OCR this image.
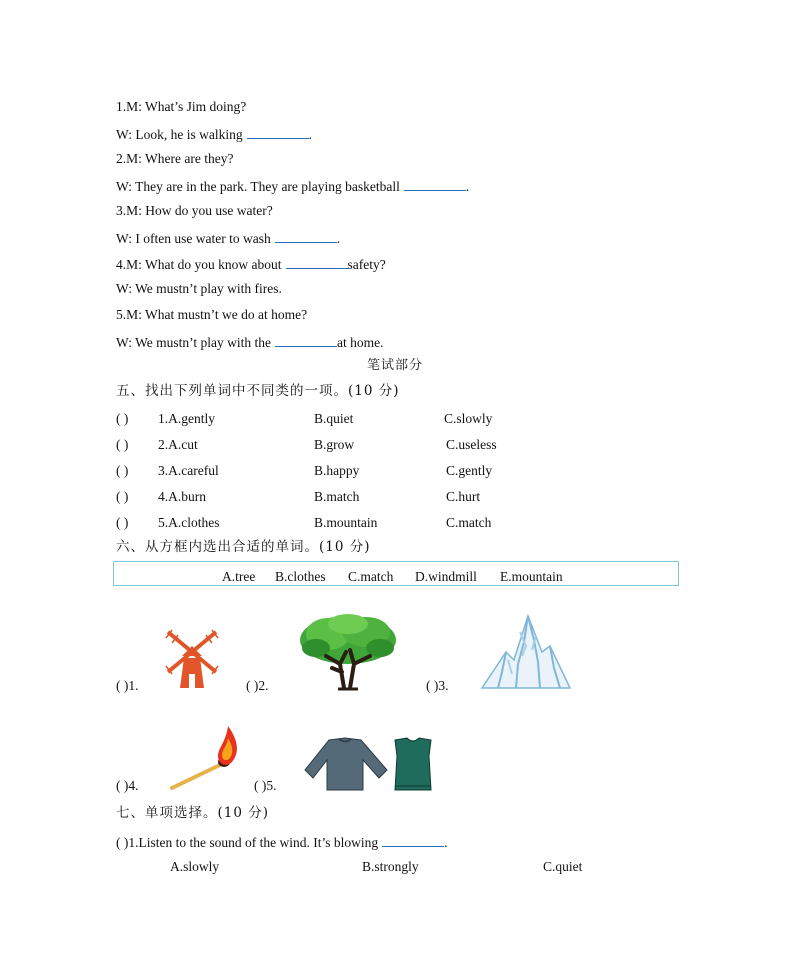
1.M: What’s Jim doing?
W: Look, he is walking	.
2.M: Where are they?
W: They are in the park. They are playing basketball	.
3.M: How do you use water?
W: I often use water to wash	.
4.M: What do you know about	safety?
W: We mustn’t play with fires.
5.M: What mustn’t we do at home?
W: We mustn’t play with the	at home.
笔试部分
五、找出下列单词中不同类的一项。(10 分)
( ) 1.A.gently	B.quiet	C.slowly
( ) 2.A.cut	B.grow	C.useless
( ) 3.A.careful	B.happy	C.gently
( ) 4.A.burn	B.match	C.hurt
( ) 5.A.clothes	B.mountain	C.match
六、从方框内选出合适的单词。(10 分)
A.tree B.clothes C.match D.windmill E.mountain
( )1.	( )2.	( )3.
( )4.	( )5.
七、单项选择。(10 分)
( )1.Listen to the sound of the wind. It’s blowing	.
A.slowly	B.strongly	C.quiet
